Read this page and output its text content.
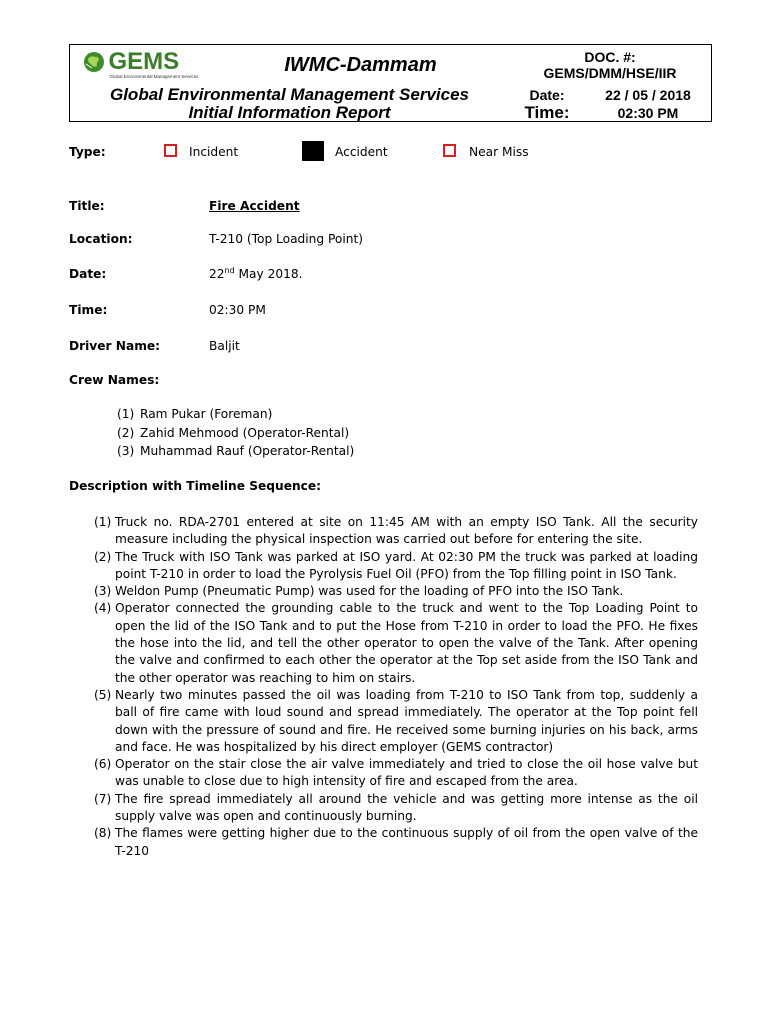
GEMS
Global Environmental Management Services
IWMC-Dammam	DOC. #:
GEMS/DMM/HSE/IIR
Global Environmental Management Services
Initial Information Report
Date:	22 / 05 / 2018
Time:	02:30 PM
Type:	Incident	Accident	Near Miss
Title:	Fire Accident
Location:	T-210 (Top Loading Point)
Date:	22nd May 2018.
Time:	02:30 PM
Driver Name:	Baljit
Crew Names:
(1) Ram Pukar (Foreman)
(2) Zahid Mehmood (Operator-Rental)
(3) Muhammad Rauf (Operator-Rental)
Description with Timeline Sequence:
(1) Truck no. RDA-2701 entered at site on 11:45 AM with an empty ISO Tank. All the security measure including the physical inspection was carried out before for entering the site.
(2) The Truck with ISO Tank was parked at ISO yard. At 02:30 PM the truck was parked at loading point T-210 in order to load the Pyrolysis Fuel Oil (PFO) from the Top filling point in ISO Tank.
(3) Weldon Pump (Pneumatic Pump) was used for the loading of PFO into the ISO Tank.
(4) Operator connected the grounding cable to the truck and went to the Top Loading Point to open the lid of the ISO Tank and to put the Hose from T-210 in order to load the PFO. He fixes the hose into the lid, and tell the other operator to open the valve of the Tank. After opening the valve and confirmed to each other the operator at the Top set aside from the ISO Tank and the other operator was reaching to him on stairs.
(5) Nearly two minutes passed the oil was loading from T-210 to ISO Tank from top, suddenly a ball of fire came with loud sound and spread immediately. The operator at the Top point fell down with the pressure of sound and fire. He received some burning injuries on his back, arms and face. He was hospitalized by his direct employer (GEMS contractor)
(6) Operator on the stair close the air valve immediately and tried to close the oil hose valve but was unable to close due to high intensity of fire and escaped from the area.
(7) The fire spread immediately all around the vehicle and was getting more intense as the oil supply valve was open and continuously burning.
(8) The flames were getting higher due to the continuous supply of oil from the open valve of the T-210
